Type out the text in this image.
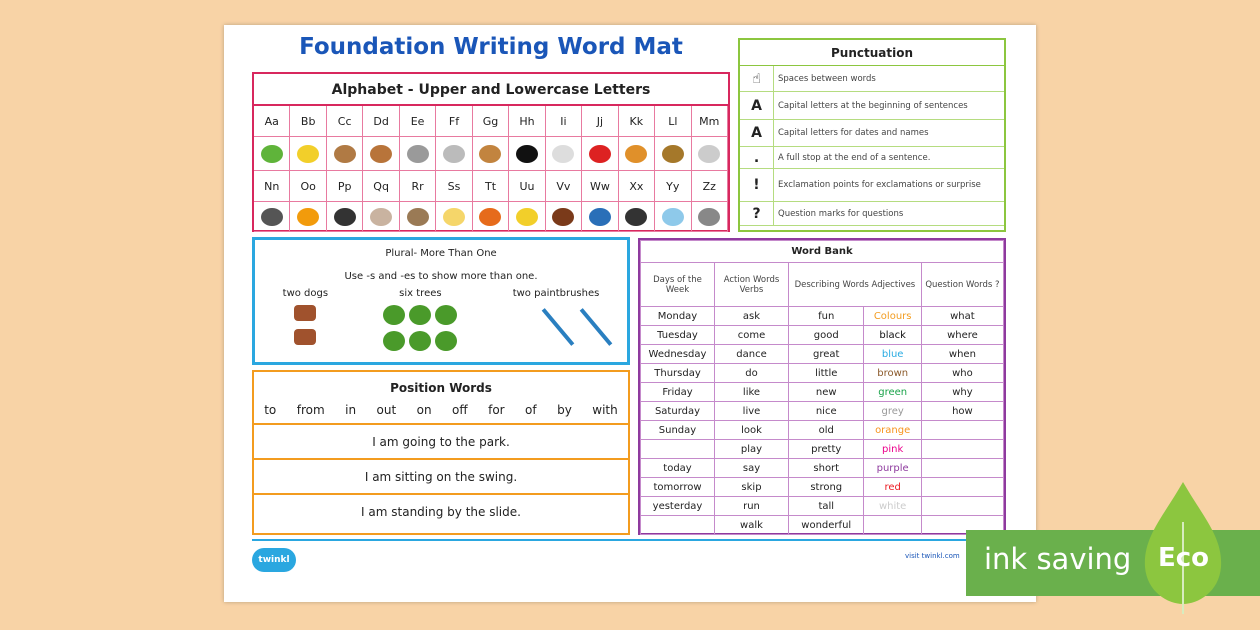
Foundation Writing Word Mat
Alphabet - Upper and Lowercase Letters
Aa Bb Cc Dd Ee Ff Gg Hh Ii	Jj Kk Ll Mm
Nn Oo Pp Qq Rr Ss Tt Uu Vv Ww Xx Yy Zz
Punctuation
☝	Spaces between words
A	Capital letters at the beginning of sentences
A	Capital letters for dates and names
.	A full stop at the end of a sentence.
!	Exclamation points for exclamations or surprise
?	Question marks for questions
Plural- More Than One
Use -s and -es to show more than one.
two dogs	six trees	two paintbrushes
Position Words
to from in out on off for of by with
I am going to the park.
I am sitting on the swing.
I am standing by the slide.
Word Bank				
Days of the Week	Action Words Verbs	Describing Words Adjectives		Question Words ?
Monday	ask	fun	Colours	what
Tuesday	come	good	black	where
Wednesday	dance	great	blue	when
Thursday	do	little	brown	who
Friday	like	new	green	why
Saturday	live	nice	grey	how
Sunday	look	old	orange	
	play	pretty	pink	
today	say	short	purple	
tomorrow	skip	strong	red	
yesterday	run	tall	white	
	walk	wonderful		
twinkl	visit twinkl.com ink saving Eco
